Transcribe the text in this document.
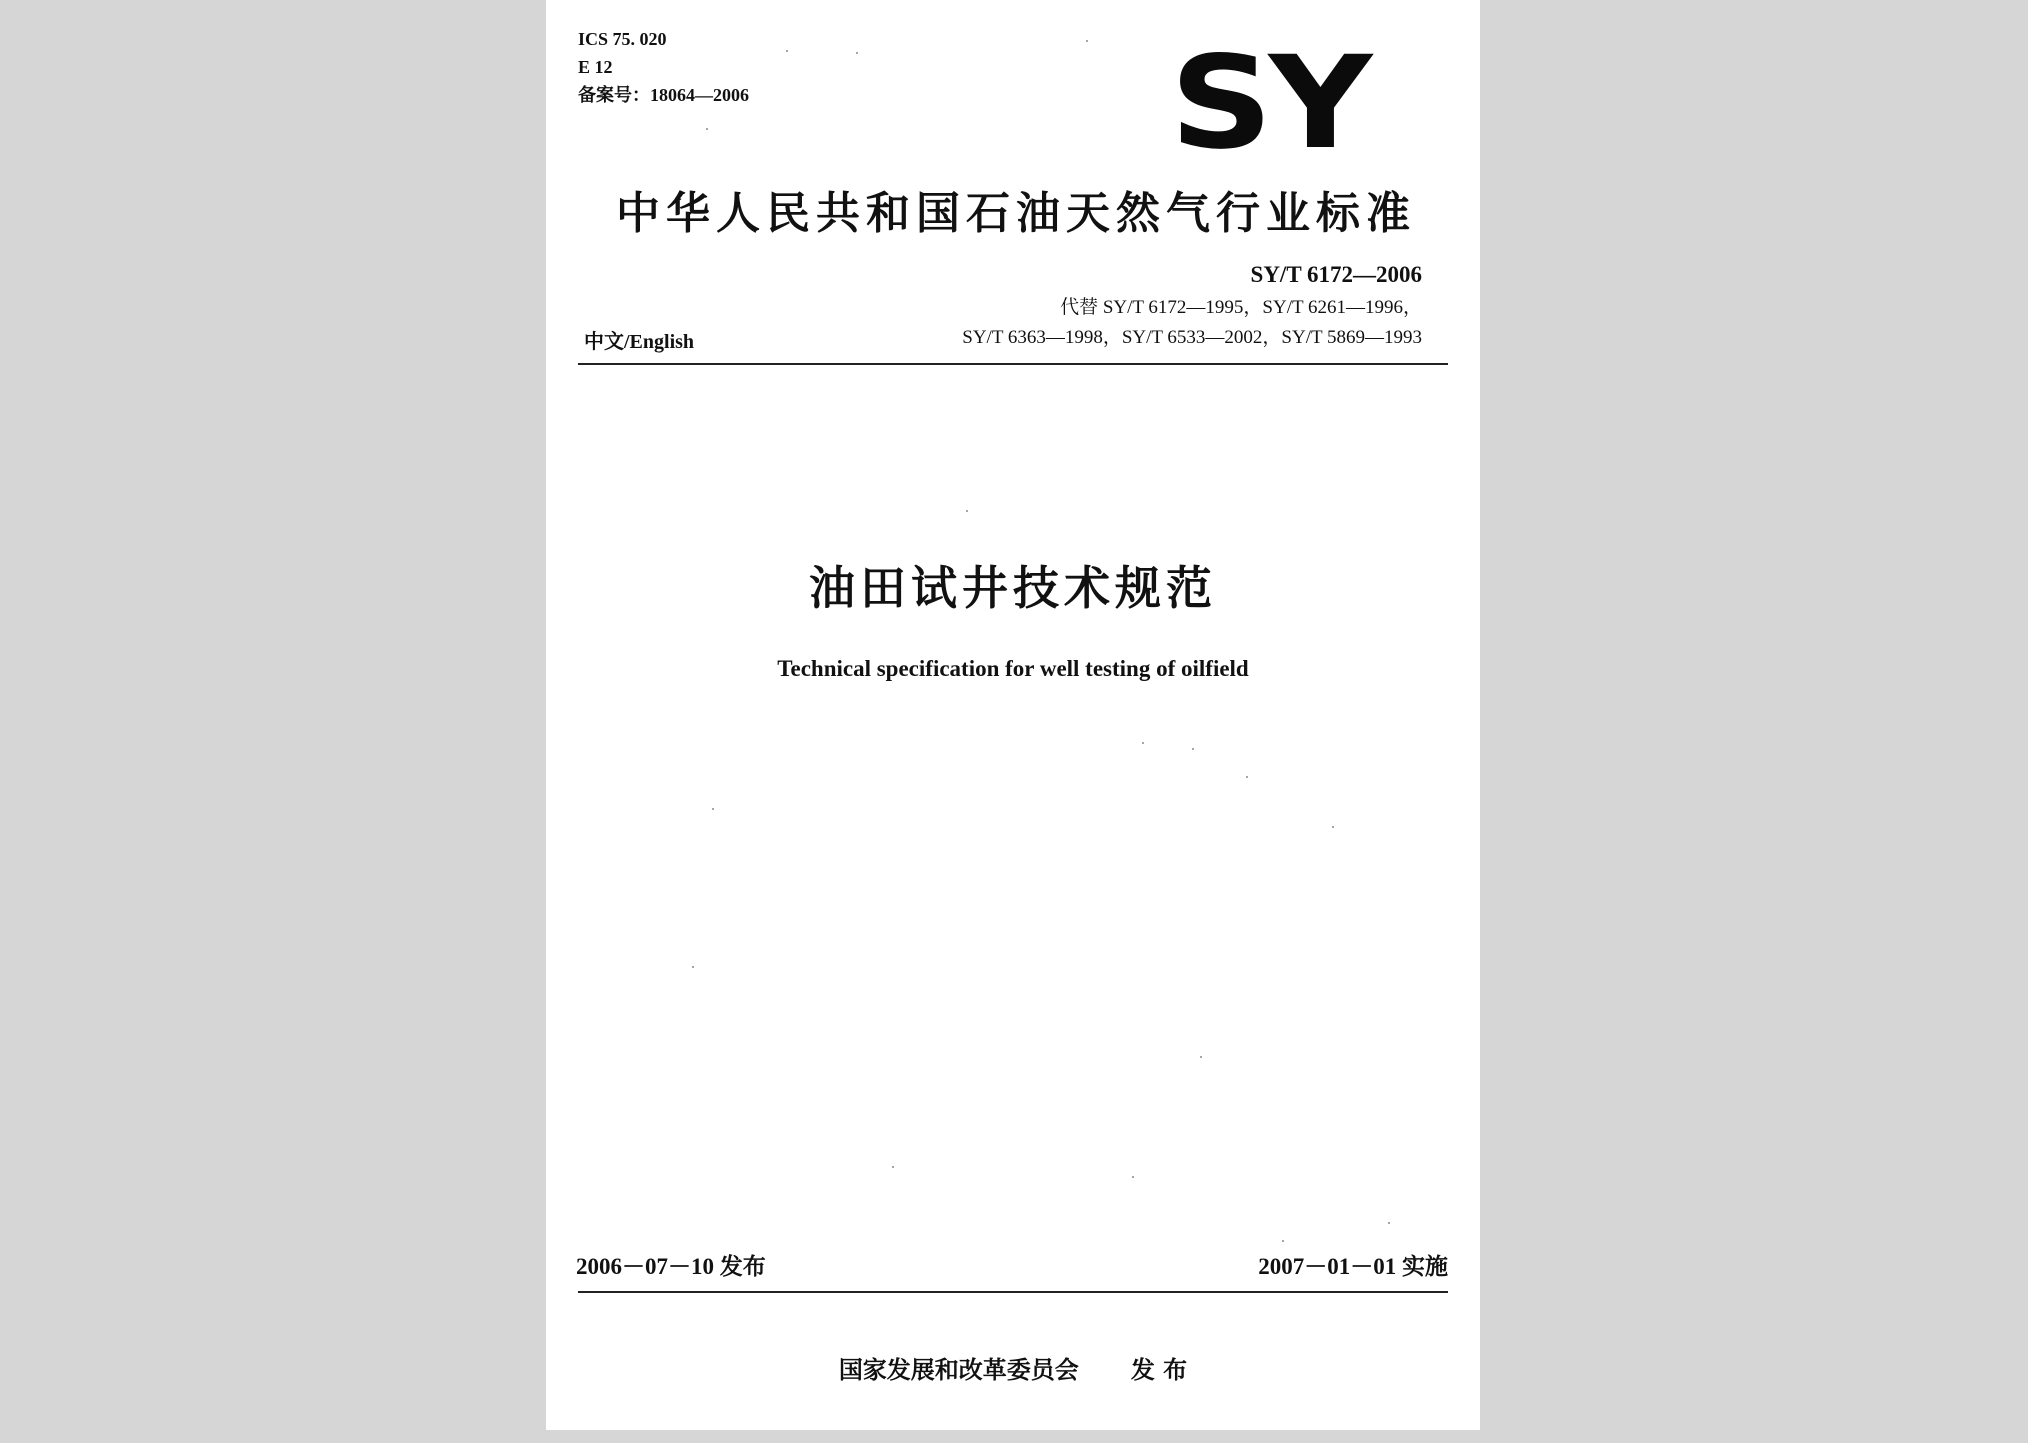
ICS 75. 020
E 12
备案号：18064—2006	SY
中华人民共和国石油天然气行业标准
SY/T 6172—2006
代替 SY/T 6172—1995，SY/T 6261—1996，
SY/T 6363—1998，SY/T 6533—2002，SY/T 5869—1993
中文/English
油田试井技术规范
Technical specification for well testing of oilfield
2006－07－10 发布	2007－01－01 实施
国家发展和改革委员会 发 布
